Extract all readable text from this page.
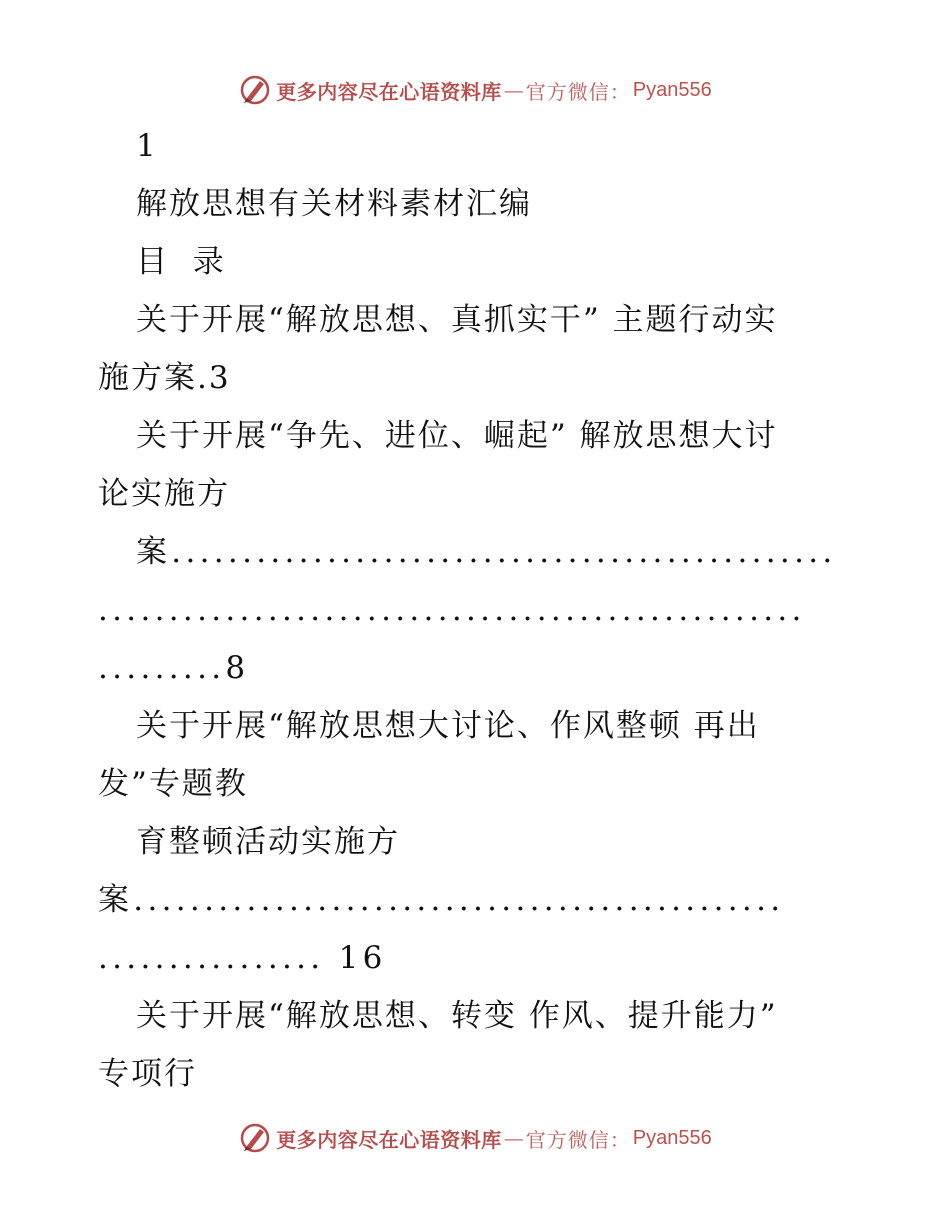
更多内容尽在心语资料库 — 官方微信： Pyan556
1
解放思想有关材料素材汇编
目  录
关于开展“解放思想、真抓实干” 主题行动实
施方案.3
关于开展“争先、进位、崛起” 解放思想大讨
论实施方
案...............................................
..................................................
.........8
关于开展“解放思想大讨论、作风整顿 再出
发”专题教
育整顿活动实施方
案..............................................
................ 16
关于开展“解放思想、转变 作风、提升能力”
专项行
更多内容尽在心语资料库 — 官方微信： Pyan556
